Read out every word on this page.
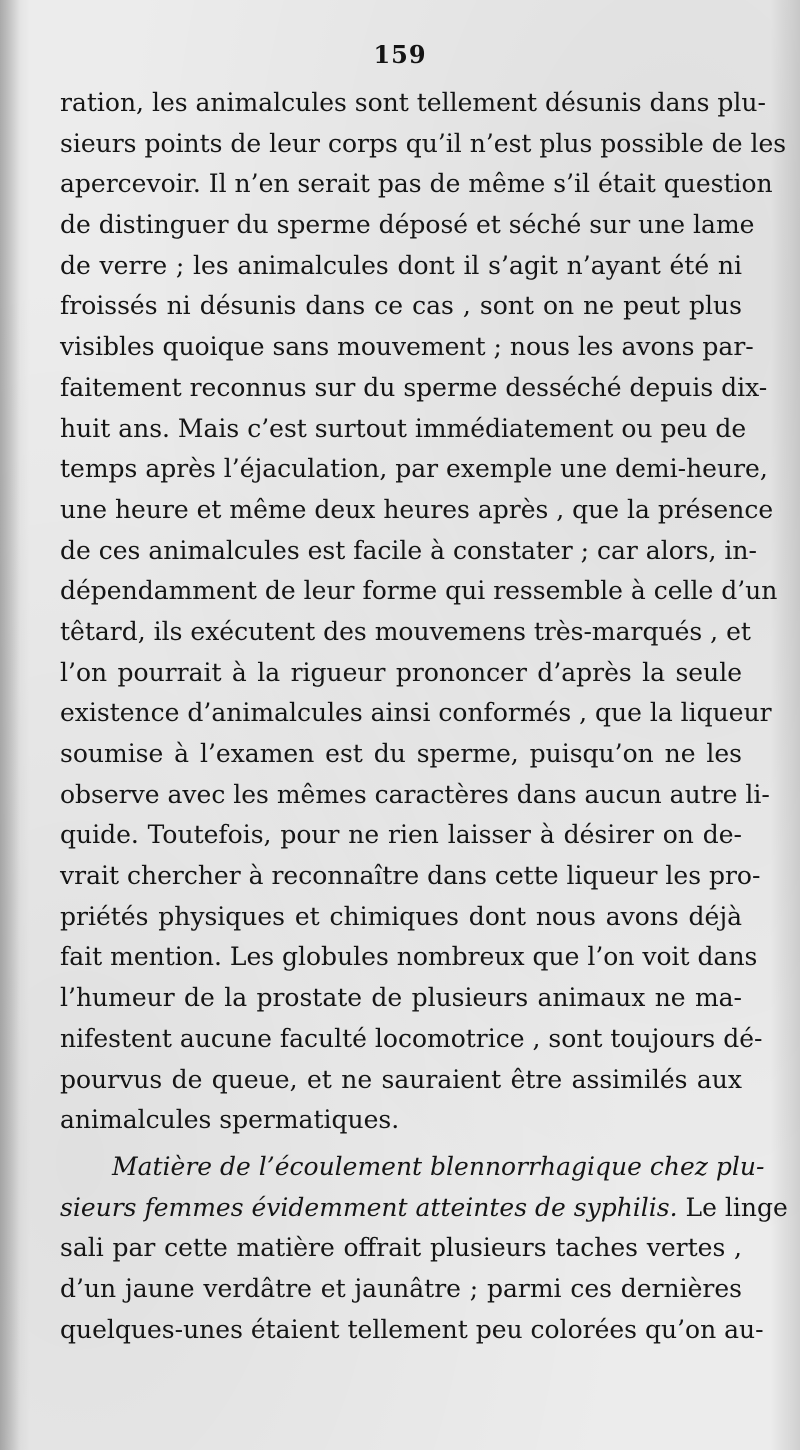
159
ration, les animalcules sont tellement désunis dans plu-
sieurs points de leur corps qu’il n’est plus possible de les
apercevoir. Il n’en serait pas de même s’il était question
de distinguer du sperme déposé et séché sur une lame
de verre ; les animalcules dont il s’agit n’ayant été ni
froissés ni désunis dans ce cas , sont on ne peut plus
visibles quoique sans mouvement ; nous les avons par-
faitement reconnus sur du sperme desséché depuis dix-
huit ans. Mais c’est surtout immédiatement ou peu de
temps après l’éjaculation, par exemple une demi-heure,
une heure et même deux heures après , que la présence
de ces animalcules est facile à constater ; car alors, in-
dépendamment de leur forme qui ressemble à celle d’un
têtard, ils exécutent des mouvemens très-marqués , et
l’on pourrait à la rigueur prononcer d’après la seule
existence d’animalcules ainsi conformés , que la liqueur
soumise à l’examen est du sperme, puisqu’on ne les
observe avec les mêmes caractères dans aucun autre li-
quide. Toutefois, pour ne rien laisser à désirer on de-
vrait chercher à reconnaître dans cette liqueur les pro-
priétés physiques et chimiques dont nous avons déjà
fait mention. Les globules nombreux que l’on voit dans
l’humeur de la prostate de plusieurs animaux ne ma-
nifestent aucune faculté locomotrice , sont toujours dé-
pourvus de queue, et ne sauraient être assimilés aux
animalcules spermatiques.
Matière de l’écoulement blennorrhagique chez plu-
sieurs femmes évidemment atteintes de syphilis. Le linge
sali par cette matière offrait plusieurs taches vertes ,
d’un jaune verdâtre et jaunâtre ; parmi ces dernières
quelques-unes étaient tellement peu colorées qu’on au-
